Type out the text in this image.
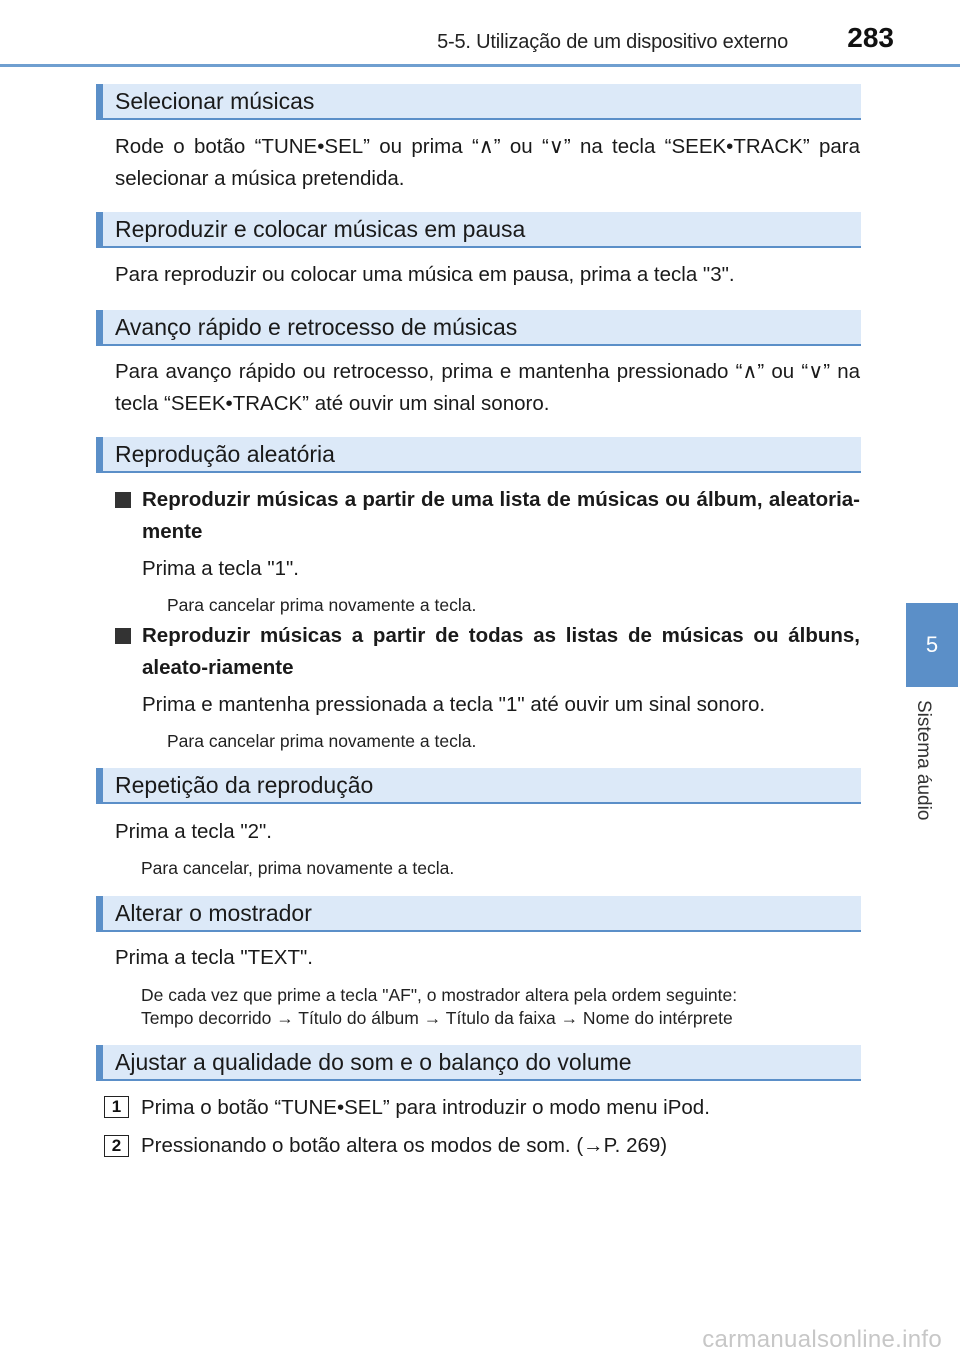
5-5. Utilização de um dispositivo externo 283
5
Sistema áudio
Selecionar músicas
Rode o botão “TUNE•SEL” ou prima “∧” ou “∨” na tecla “SEEK•TRACK” para selecionar a música pretendida.
Reproduzir e colocar músicas em pausa
Para reproduzir ou colocar uma música em pausa, prima a tecla "3".
Avanço rápido e retrocesso de músicas
Para avanço rápido ou retrocesso, prima e mantenha pressionado “∧” ou “∨” na tecla “SEEK•TRACK” até ouvir um sinal sonoro.
Reprodução aleatória
Reproduzir músicas a partir de uma lista de músicas ou álbum, aleatoria-mente
Prima a tecla "1".
Para cancelar prima novamente a tecla.
Reproduzir músicas a partir de todas as listas de músicas ou álbuns, aleato-riamente
Prima e mantenha pressionada a tecla "1" até ouvir um sinal sonoro.
Para cancelar prima novamente a tecla.
Repetição da reprodução
Prima a tecla "2".
Para cancelar, prima novamente a tecla.
Alterar o mostrador
Prima a tecla "TEXT".
De cada vez que prime a tecla "AF", o mostrador altera pela ordem seguinte:
Tempo decorrido → Título do álbum → Título da faixa → Nome do intérprete
Ajustar a qualidade do som e o balanço do volume
1 Prima o botão “TUNE•SEL” para introduzir o modo menu iPod.
2 Pressionando o botão altera os modos de som. (→P. 269)
carmanualsonline.info
